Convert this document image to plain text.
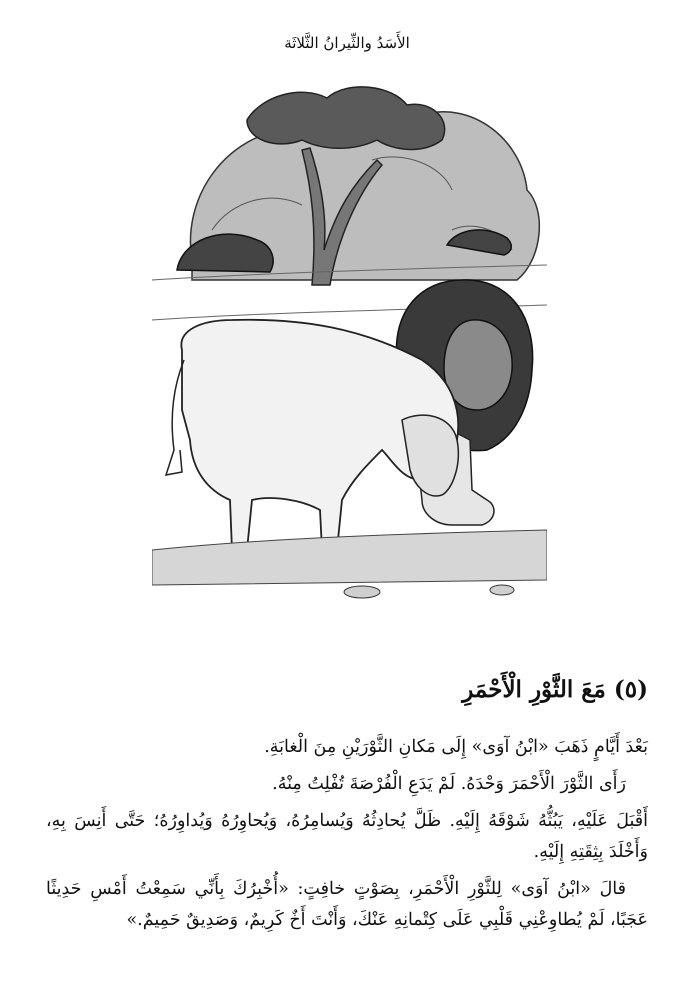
الأَسَدُ والثِّيرانُ الثَّلاثَة
(٥) مَعَ الثَّوْرِ الْأَحْمَرِ

بَعْدَ أَيَّامٍ ذَهَبَ «ابْنُ آوَى» إِلَى مَكانِ الثَّوْرَيْنِ مِنَ الْغابَةِ.

رَأَى الثَّوْرَ الْأَحْمَرَ وَحْدَهُ. لَمْ يَدَعِ الْفُرْصَةَ تُفْلِتُ مِنْهُ.

أَقْبَلَ عَلَيْهِ، يَبُثُّهُ شَوْقَهُ إِلَيْهِ. ظَلَّ يُحادِثُهُ وَيُسامِرُهُ، وَيُحاوِرُهُ وَيُداوِرُهُ؛ حَتَّى أَنِسَ بِهِ، وَأَخْلَدَ بِثِقَتِهِ إِلَيْهِ.

قالَ «ابْنُ آوَى» لِلثَّوْرِ الْأَحْمَرِ، بِصَوْتٍ خافِتٍ: «أُخْبِرُكَ بِأَنِّي سَمِعْتُ أَمْسِ حَدِيثًا عَجَبًا، لَمْ يُطاوِعْنِي قَلْبِي عَلَى كِتْمانِهِ عَنْكَ، وَأَنْتَ أَخٌ كَرِيمٌ، وَصَدِيقٌ حَمِيمٌ.»
